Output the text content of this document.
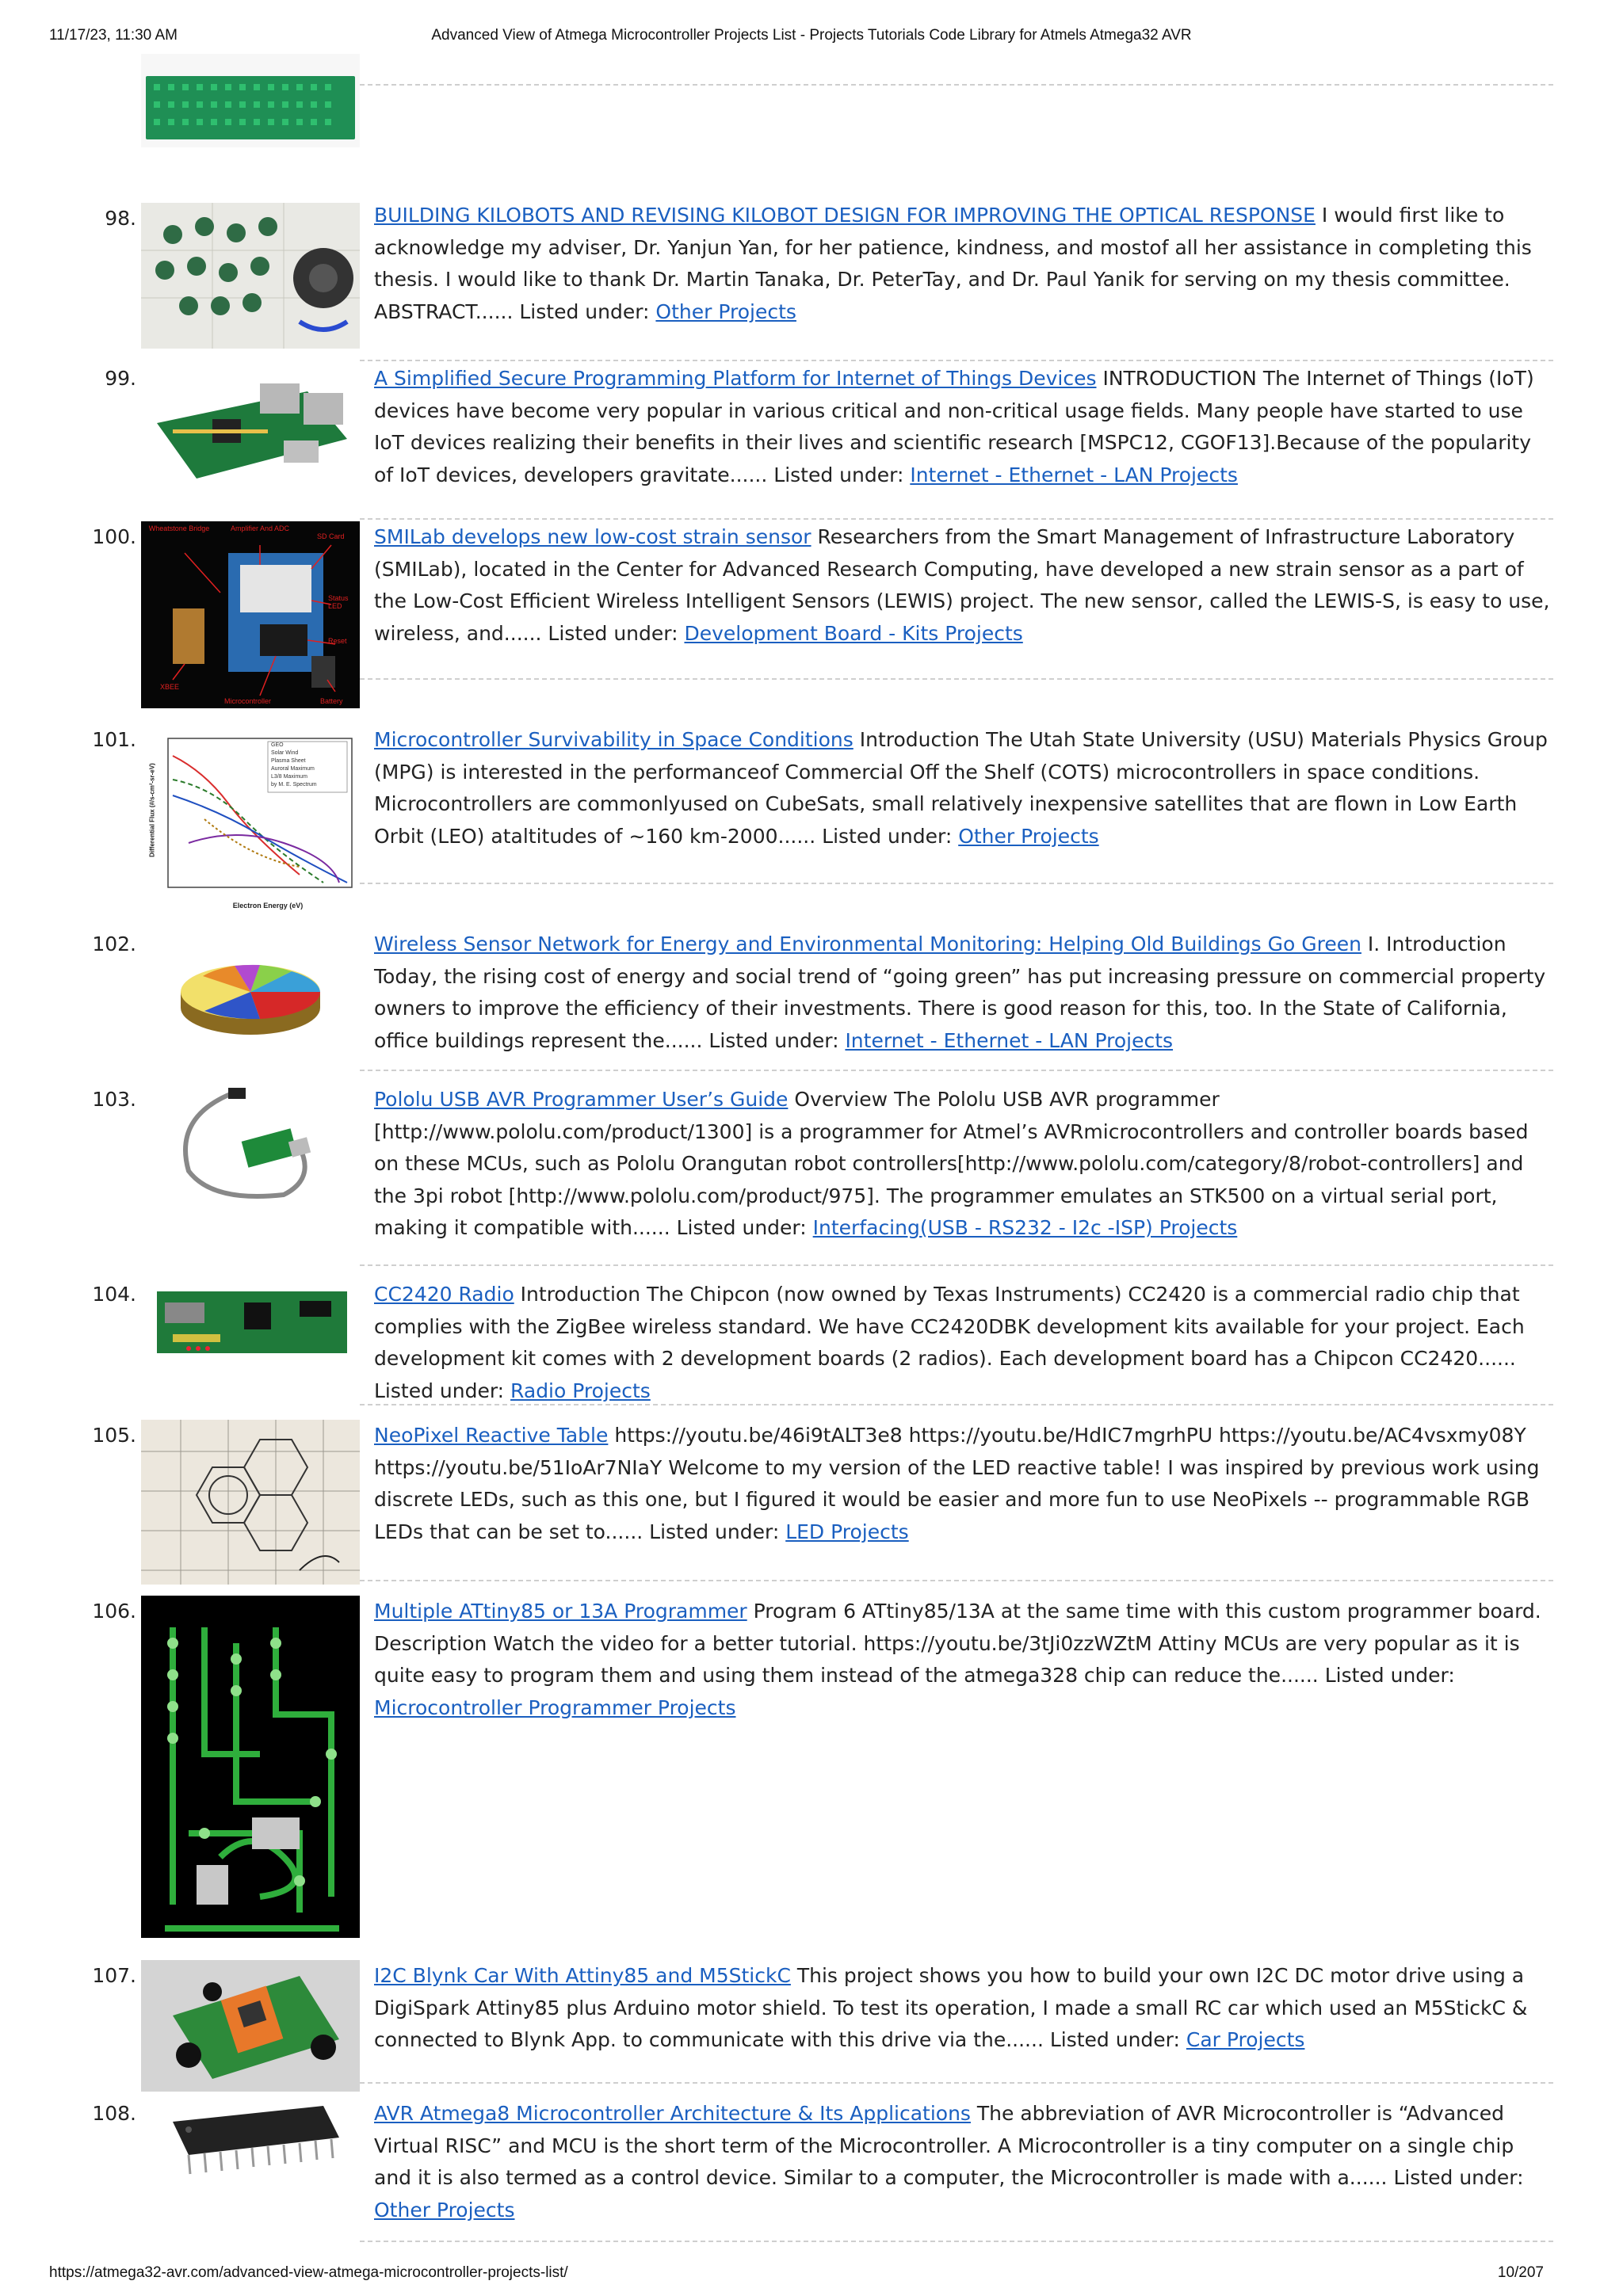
11/17/23, 11:30 AM	Advanced View of Atmega Microcontroller Projects List - Projects Tutorials Code Library for Atmels Atmega32 AVR
98.	BUILDING KILOBOTS AND REVISING KILOBOT DESIGN FOR IMPROVING THE OPTICAL RESPONSE I would first like to acknowledge my adviser, Dr. Yanjun Yan, for her patience, kindness, and mostof all her assistance in completing this thesis. I would like to thank Dr. Martin Tanaka, Dr. PeterTay, and Dr. Paul Yanik for serving on my thesis committee. ABSTRACT...... Listed under: Other Projects
99.	A Simplified Secure Programming Platform for Internet of Things Devices INTRODUCTION The Internet of Things (IoT) devices have become very popular in various critical and non-critical usage fields. Many people have started to use IoT devices realizing their benefits in their lives and scientific research [MSPC12, CGOF13].Because of the popularity of IoT devices, developers gravitate...... Listed under: Internet - Ethernet - LAN Projects
100. Wheatstone Bridge	Amplifier And ADC
SD Card
Status LED
Reset
XBEE
Microcontroller	Battery
SMILab develops new low-cost strain sensor Researchers from the Smart Management of Infrastructure Laboratory (SMILab), located in the Center for Advanced Research Computing, have developed a new strain sensor as a part of the Low-Cost Efficient Wireless Intelligent Sensors (LEWIS) project. The new sensor, called the LEWIS-S, is easy to use, wireless, and...... Listed under: Development Board - Kits Projects
101.	GEO
Solar Wind
Plasma Sheet
Auroral Maximum
L3/8 Maximum
by M. E. Spectrum
Electron Energy (eV)
Differential Flux (#/s-cm²-sr-eV)
Microcontroller Survivability in Space Conditions Introduction The Utah State University (USU) Materials Physics Group (MPG) is interested in the performanceof Commercial Off the Shelf (COTS) microcontrollers in space conditions. Microcontrollers are commonlyused on CubeSats, small relatively inexpensive satellites that are flown in Low Earth Orbit (LEO) ataltitudes of ~160 km-2000...... Listed under: Other Projects
102.	Wireless Sensor Network for Energy and Environmental Monitoring: Helping Old Buildings Go Green I. Introduction Today, the rising cost of energy and social trend of “going green” has put increasing pressure on commercial property owners to improve the efficiency of their investments. There is good reason for this, too. In the State of California, office buildings represent the...... Listed under: Internet - Ethernet - LAN Projects
103.	Pololu USB AVR Programmer User’s Guide Overview The Pololu USB AVR programmer [http://www.pololu.com/product/1300] is a programmer for Atmel’s AVRmicrocontrollers and controller boards based on these MCUs, such as Pololu Orangutan robot controllers[http://www.pololu.com/category/8/robot-controllers] and the 3pi robot [http://www.pololu.com/product/975]. The programmer emulates an STK500 on a virtual serial port, making it compatible with...... Listed under: Interfacing(USB - RS232 - I2c -ISP) Projects
104.	CC2420 Radio Introduction The Chipcon (now owned by Texas Instruments) CC2420 is a commercial radio chip that complies with the ZigBee wireless standard. We have CC2420DBK development kits available for your project. Each development kit comes with 2 development boards (2 radios). Each development board has a Chipcon CC2420...... Listed under: Radio Projects
105.	NeoPixel Reactive Table https://youtu.be/46i9tALT3e8 https://youtu.be/HdIC7mgrhPU https://youtu.be/AC4vsxmy08Y https://youtu.be/51IoAr7NIaY Welcome to my version of the LED reactive table! I was inspired by previous work using discrete LEDs, such as this one, but I figured it would be easier and more fun to use NeoPixels -- programmable RGB LEDs that can be set to...... Listed under: LED Projects
106.	Multiple ATtiny85 or 13A Programmer Program 6 ATtiny85/13A at the same time with this custom programmer board. Description Watch the video for a better tutorial. https://youtu.be/3tJi0zzWZtM Attiny MCUs are very popular as it is quite easy to program them and using them instead of the atmega328 chip can reduce the...... Listed under: Microcontroller Programmer Projects
107.	I2C Blynk Car With Attiny85 and M5StickC This project shows you how to build your own I2C DC motor drive using a DigiSpark Attiny85 plus Arduino motor shield. To test its operation, I made a small RC car which used an M5StickC & connected to Blynk App. to communicate with this drive via the...... Listed under: Car Projects
108.	AVR Atmega8 Microcontroller Architecture & Its Applications The abbreviation of AVR Microcontroller is “Advanced Virtual RISC” and MCU is the short term of the Microcontroller. A Microcontroller is a tiny computer on a single chip and it is also termed as a control device. Similar to a computer, the Microcontroller is made with a...... Listed under: Other Projects
https://atmega32-avr.com/advanced-view-atmega-microcontroller-projects-list/	10/207
